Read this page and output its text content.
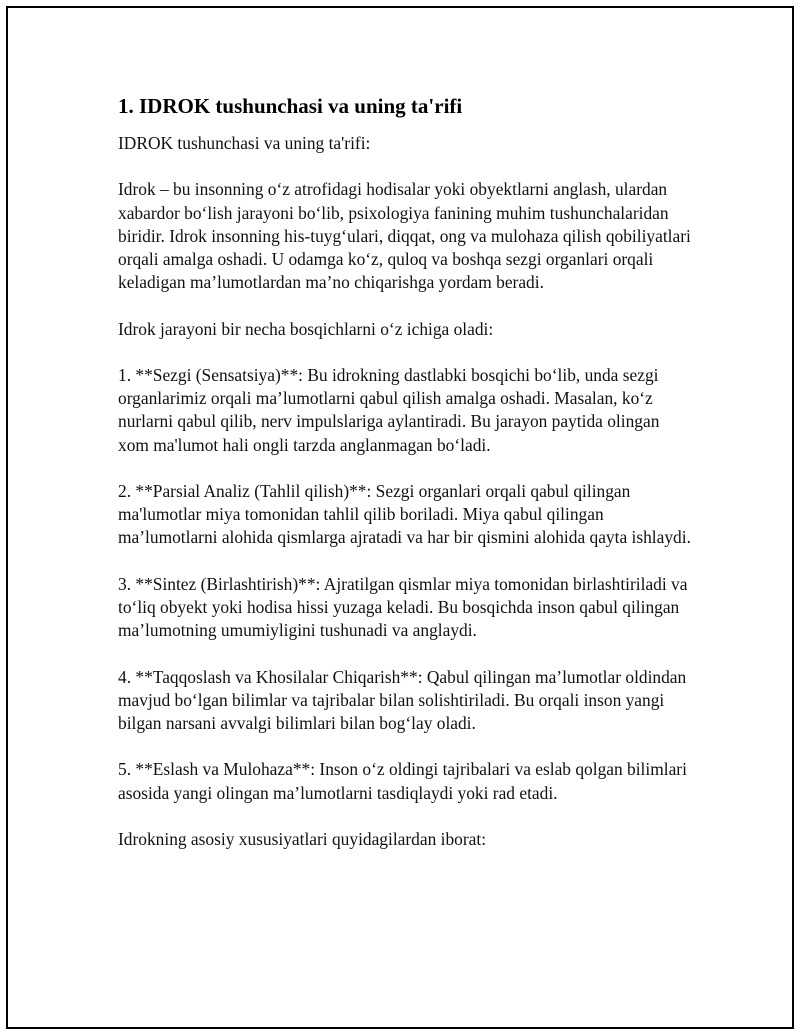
1. IDROK tushunchasi va uning ta'rifi

IDROK tushunchasi va uning ta'rifi:

Idrok – bu insonning o‘z atrofidagi hodisalar yoki obyektlarni anglash, ulardan xabardor bo‘lish jarayoni bo‘lib, psixologiya fanining muhim tushunchalaridan biridir. Idrok insonning his-tuyg‘ulari, diqqat, ong va mulohaza qilish qobiliyatlari orqali amalga oshadi. U odamga ko‘z, quloq va boshqa sezgi organlari orqali keladigan ma’lumotlardan ma’no chiqarishga yordam beradi.

Idrok jarayoni bir necha bosqichlarni o‘z ichiga oladi:

1. **Sezgi (Sensatsiya)**: Bu idrokning dastlabki bosqichi bo‘lib, unda sezgi organlarimiz orqali ma’lumotlarni qabul qilish amalga oshadi. Masalan, ko‘z nurlarni qabul qilib, nerv impulslariga aylantiradi. Bu jarayon paytida olingan xom ma'lumot hali ongli tarzda anglanmagan bo‘ladi.

2. **Parsial Analiz (Tahlil qilish)**: Sezgi organlari orqali qabul qilingan ma'lumotlar miya tomonidan tahlil qilib boriladi. Miya qabul qilingan ma’lumotlarni alohida qismlarga ajratadi va har bir qismini alohida qayta ishlaydi.

3. **Sintez (Birlashtirish)**: Ajratilgan qismlar miya tomonidan birlashtiriladi va to‘liq obyekt yoki hodisa hissi yuzaga keladi. Bu bosqichda inson qabul qilingan ma’lumotning umumiyligini tushunadi va anglaydi.

4. **Taqqoslash va Khosilalar Chiqarish**: Qabul qilingan ma’lumotlar oldindan mavjud bo‘lgan bilimlar va tajribalar bilan solishtiriladi. Bu orqali inson yangi bilgan narsani avvalgi bilimlari bilan bog‘lay oladi.

5. **Eslash va Mulohaza**: Inson o‘z oldingi tajribalari va eslab qolgan bilimlari asosida yangi olingan ma’lumotlarni tasdiqlaydi yoki rad etadi.

Idrokning asosiy xususiyatlari quyidagilardan iborat:
